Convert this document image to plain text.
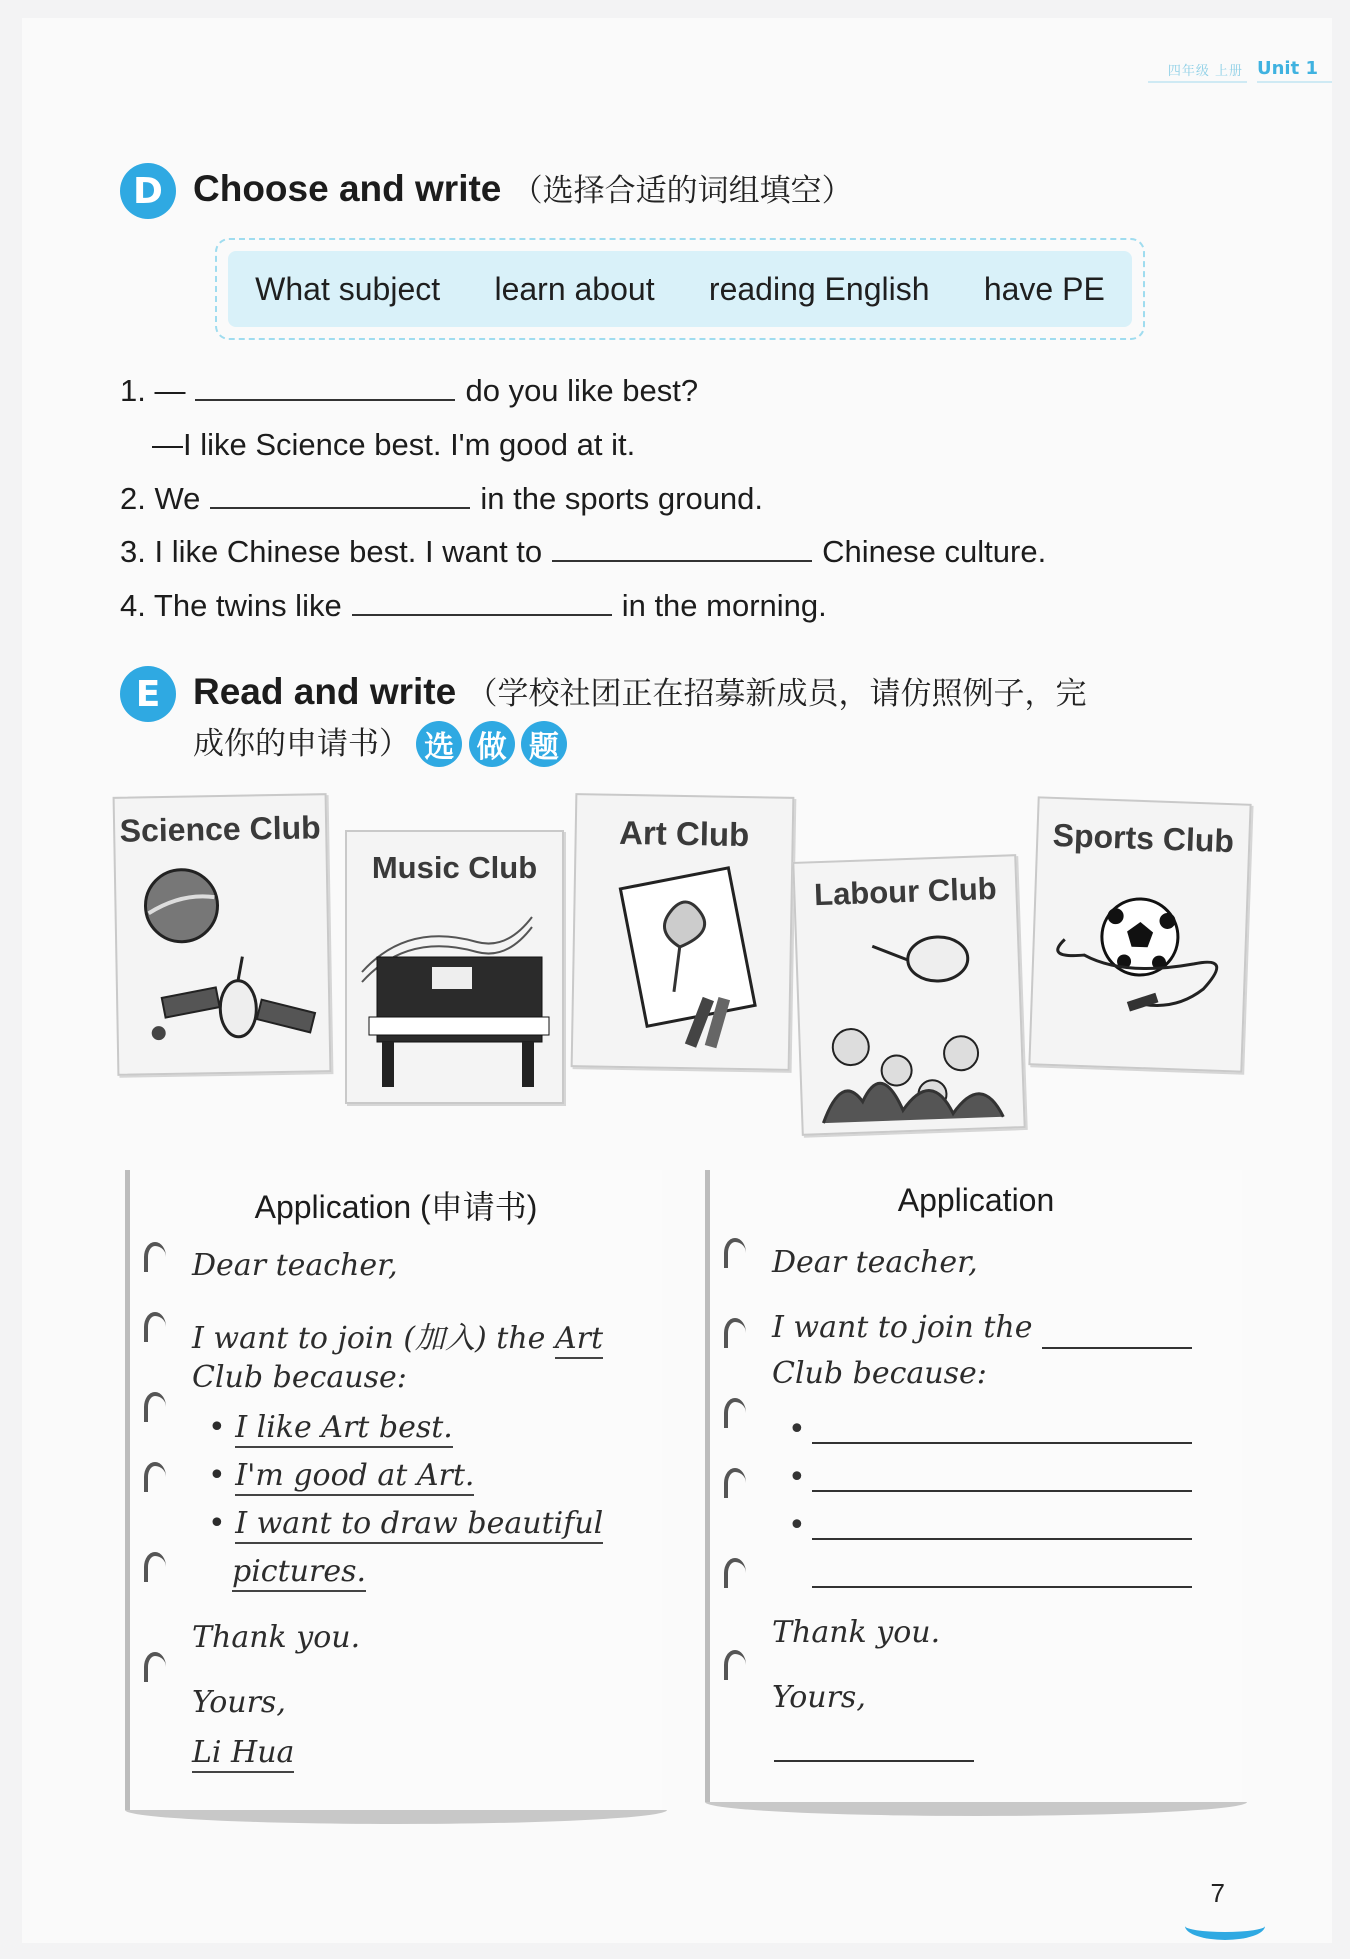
四年级 上册 Unit 1
D Choose and write （选择合适的词组填空）
What subject learn about reading English have PE
1. —	do you like best?
—I like Science best. I'm good at it.
2. We	in the sports ground.
3. I like Chinese best. I want to	Chinese culture.
4. The twins like	in the morning.
E Read and write （学校社团正在招募新成员，请仿照例子，完
成你的申请书） 选 做 题
Science Club
Music Club
Art Club
Labour Club
Sports Club
Application (申请书)
Dear teacher,
I want to join (加入) the Art
Club because:
• I like Art best.
• I'm good at Art.
• I want to draw beautiful
pictures.
Thank you.
Yours,
Li Hua
Application
Dear teacher,
I want to join the
Club because:
•
•
•
Thank you.
Yours,
7
